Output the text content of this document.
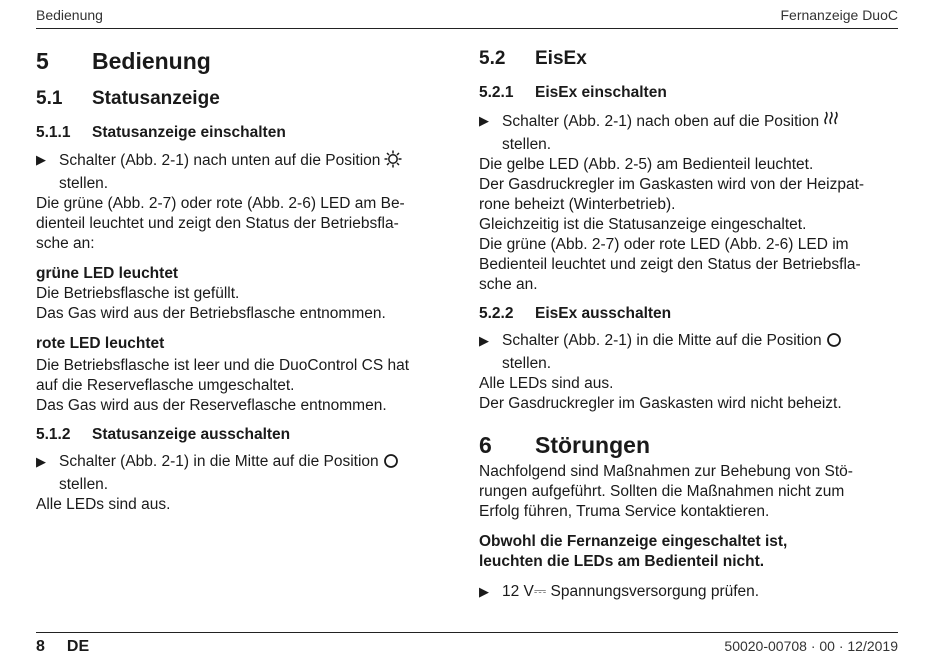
Bedienung	Fernanzeige DuoC
5	Bedienung
5.1	Statusanzeige
5.1.1	Statusanzeige einschalten
▶ Schalter (Abb. 2-1) nach unten auf die Position
stellen.
Die grüne (Abb. 2-7) oder rote (Abb. 2-6) LED am Be-
dienteil leuchtet und zeigt den Status der Betriebsfla-
sche an:
grüne LED leuchtet
Die Betriebsflasche ist gefüllt.
Das Gas wird aus der Betriebsflasche entnommen.
rote LED leuchtet
Die Betriebsflasche ist leer und die DuoControl CS hat
auf die Reserveflasche umgeschaltet.
Das Gas wird aus der Reserveflasche entnommen.
5.1.2	Statusanzeige ausschalten
▶ Schalter (Abb. 2-1) in die Mitte auf die Position
stellen.
Alle LEDs sind aus.
5.2	EisEx
5.2.1	EisEx einschalten
▶ Schalter (Abb. 2-1) nach oben auf die Position
stellen.
Die gelbe LED (Abb. 2-5) am Bedienteil leuchtet.
Der Gasdruckregler im Gaskasten wird von der Heizpat-
rone beheizt (Winterbetrieb).
Gleichzeitig ist die Statusanzeige eingeschaltet.
Die grüne (Abb. 2-7) oder rote LED (Abb. 2-6) LED im
Bedienteil leuchtet und zeigt den Status der Betriebsfla-
sche an.
5.2.2	EisEx ausschalten
▶ Schalter (Abb. 2-1) in die Mitte auf die Position
stellen.
Alle LEDs sind aus.
Der Gasdruckregler im Gaskasten wird nicht beheizt.
6	Störungen
Nachfolgend sind Maßnahmen zur Behebung von Stö-
rungen aufgeführt. Sollten die Maßnahmen nicht zum
Erfolg führen, Truma Service kontaktieren.
Obwohl die Fernanzeige eingeschaltet ist,
leuchten die LEDs am Bedienteil nicht.
▶ 12 V⎓ Spannungsversorgung prüfen.
8 DE	50020-00708 · 00 · 12/2019
